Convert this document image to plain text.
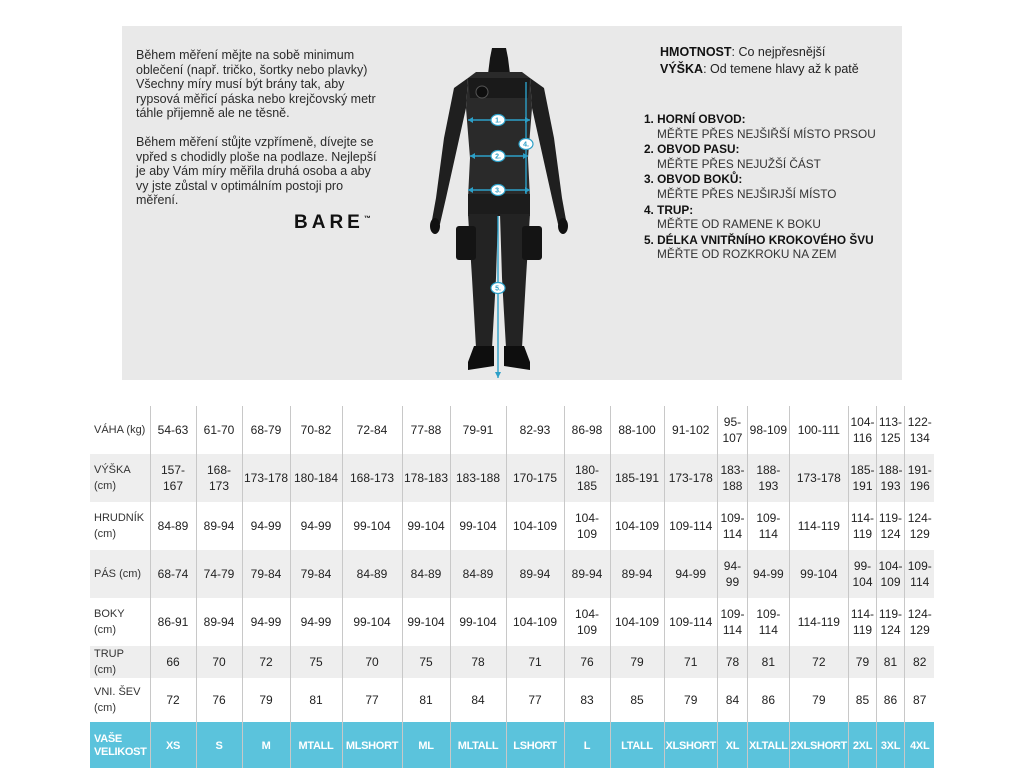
Během měření mějte na sobě minimum oblečení (např. tričko, šortky nebo plavky) Všechny míry musí být brány tak, aby rypsová měřicí páska nebo krejčovský metr táhle přijemně ale ne těsně.

Během měření stůjte vzpřímeně, dívejte se vpřed s chodidly ploše na podlaze. Nejlepší je aby Vám míry měřila druhá osoba a aby vy jste zůstal v optimálním postoji pro měření.

BARE™
1.
2.
3.
4.
5.
HMOTNOST: Co nejpřesnější
VÝŠKA: Od temene hlavy až k patě
1. HORNÍ OBVOD:
MĚŘTE PŘES NEJŠIŘŠÍ MÍSTO PRSOU
2. OBVOD PASU:
MĚŘTE PŘES NEJUŽŠÍ ČÁST
3. OBVOD BOKŮ:
MĚŘTE PŘES NEJŠIRJŠÍ MÍSTO
4. TRUP:
MĚŘTE OD RAMENE K BOKU
5. DÉLKA VNITŘNÍHO KROKOVÉHO ŠVU
MĚŘTE OD ROZKROKU NA ZEM
VÁHA (kg)	54-63	61-70	68-79	70-82	72-84	77-88	79-91	82-93	86-98	88-100	91-102	95-107	98-109	100-111	104-116	113-125	122-134
VÝŠKA (cm)	157-167	168-173	173-178	180-184	168-173	178-183	183-188	170-175	180-185	185-191	173-178	183-188	188-193	173-178	185-191	188-193	191-196
HRUDNÍK (cm)	84-89	89-94	94-99	94-99	99-104	99-104	99-104	104-109	104-109	104-109	109-114	109-114	109-114	114-119	114-119	119-124	124-129
PÁS (cm)	68-74	74-79	79-84	79-84	84-89	84-89	84-89	89-94	89-94	89-94	94-99	94-99	94-99	99-104	99-104	104-109	109-114
BOKY (cm)	86-91	89-94	94-99	94-99	99-104	99-104	99-104	104-109	104-109	104-109	109-114	109-114	109-114	114-119	114-119	119-124	124-129
TRUP (cm)	66	70	72	75	70	75	78	71	76	79	71	78	81	72	79	81	82
VNI. ŠEV (cm)	72	76	79	81	77	81	84	77	83	85	79	84	86	79	85	86	87
VAŠE VELIKOST	XS	S	M	MTALL	MLSHORT	ML	MLTALL	LSHORT	L	LTALL	XLSHORT	XL	XLTALL	2XLSHORT	2XL	3XL	4XL
